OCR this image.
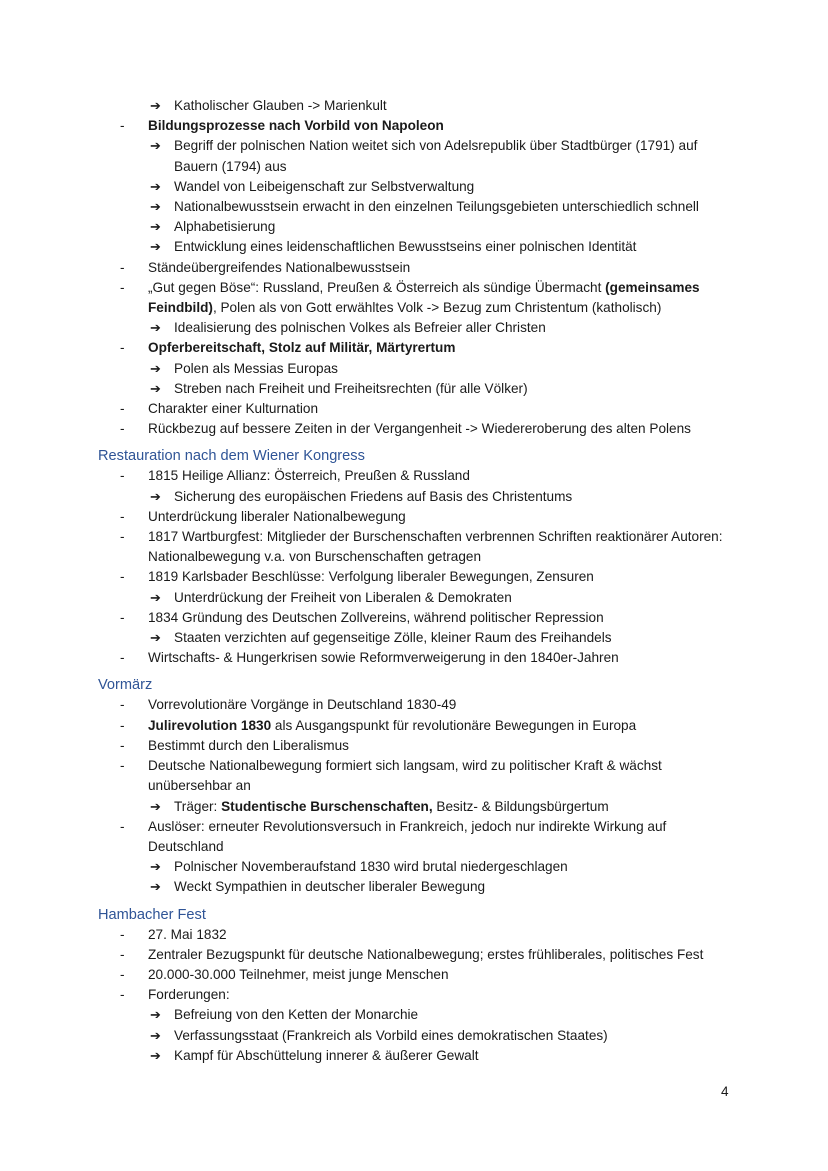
➔ Katholischer Glauben -> Marienkult
- Bildungsprozesse nach Vorbild von Napoleon
➔ Begriff der polnischen Nation weitet sich von Adelsrepublik über Stadtbürger (1791) auf Bauern (1794) aus
➔ Wandel von Leibeigenschaft zur Selbstverwaltung
➔ Nationalbewusstsein erwacht in den einzelnen Teilungsgebieten unterschiedlich schnell
➔ Alphabetisierung
➔ Entwicklung eines leidenschaftlichen Bewusstseins einer polnischen Identität
- Ständeübergreifendes Nationalbewusstsein
- „Gut gegen Böse“: Russland, Preußen & Österreich als sündige Übermacht (gemeinsames Feindbild), Polen als von Gott erwähltes Volk -> Bezug zum Christentum (katholisch)
➔ Idealisierung des polnischen Volkes als Befreier aller Christen
- Opferbereitschaft, Stolz auf Militär, Märtyrertum
➔ Polen als Messias Europas
➔ Streben nach Freiheit und Freiheitsrechten (für alle Völker)
- Charakter einer Kulturnation
- Rückbezug auf bessere Zeiten in der Vergangenheit -> Wiedereroberung des alten Polens
Restauration nach dem Wiener Kongress
- 1815 Heilige Allianz: Österreich, Preußen & Russland
➔ Sicherung des europäischen Friedens auf Basis des Christentums
- Unterdrückung liberaler Nationalbewegung
- 1817 Wartburgfest: Mitglieder der Burschenschaften verbrennen Schriften reaktionärer Autoren: Nationalbewegung v.a. von Burschenschaften getragen
- 1819 Karlsbader Beschlüsse: Verfolgung liberaler Bewegungen, Zensuren
➔ Unterdrückung der Freiheit von Liberalen & Demokraten
- 1834 Gründung des Deutschen Zollvereins, während politischer Repression
➔ Staaten verzichten auf gegenseitige Zölle, kleiner Raum des Freihandels
- Wirtschafts- & Hungerkrisen sowie Reformverweigerung in den 1840er-Jahren
Vormärz
- Vorrevolutionäre Vorgänge in Deutschland 1830-49
- Julirevolution 1830 als Ausgangspunkt für revolutionäre Bewegungen in Europa
- Bestimmt durch den Liberalismus
- Deutsche Nationalbewegung formiert sich langsam, wird zu politischer Kraft & wächst unübersehbar an
➔ Träger: Studentische Burschenschaften, Besitz- & Bildungsbürgertum
- Auslöser: erneuter Revolutionsversuch in Frankreich, jedoch nur indirekte Wirkung auf Deutschland
➔ Polnischer Novemberaufstand 1830 wird brutal niedergeschlagen
➔ Weckt Sympathien in deutscher liberaler Bewegung
Hambacher Fest
- 27. Mai 1832
- Zentraler Bezugspunkt für deutsche Nationalbewegung; erstes frühliberales, politisches Fest
- 20.000-30.000 Teilnehmer, meist junge Menschen
- Forderungen:
➔ Befreiung von den Ketten der Monarchie
➔ Verfassungsstaat (Frankreich als Vorbild eines demokratischen Staates)
➔ Kampf für Abschüttelung innerer & äußerer Gewalt
4
